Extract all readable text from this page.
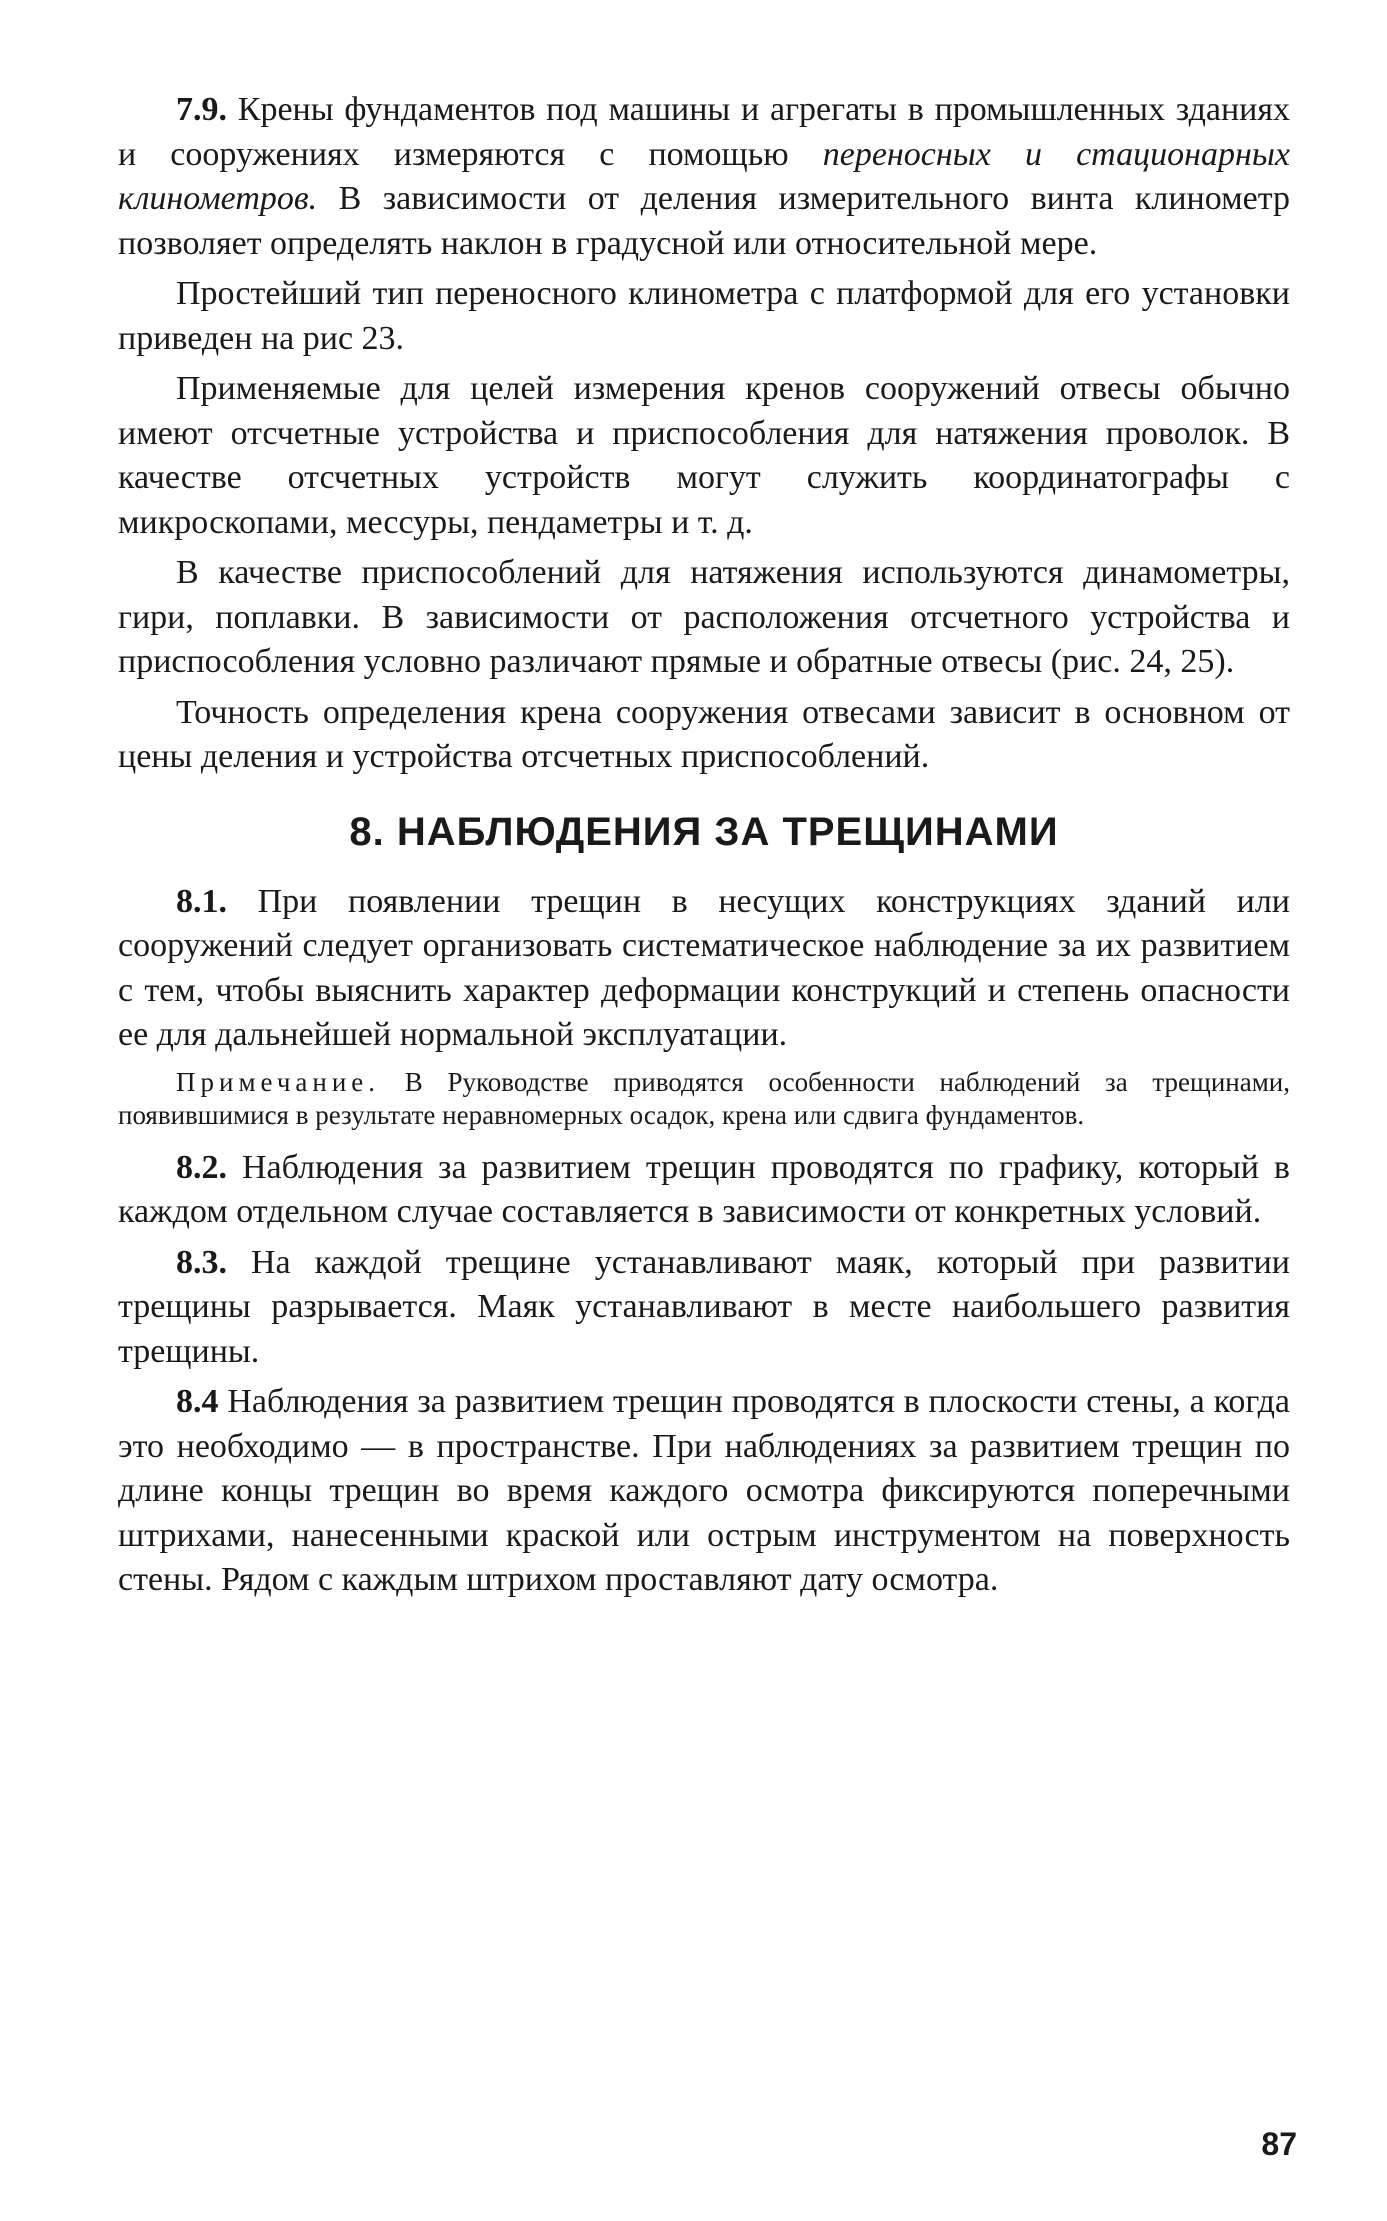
7.9. Крены фундаментов под машины и агрегаты в промышленных зданиях и сооружениях измеряются с помощью переносных и стационарных клинометров. В зависимости от деления измерительного винта клинометр позволяет определять наклон в градусной или относительной мере.

Простейший тип переносного клинометра с платформой для его установки приведен на рис 23.

Применяемые для целей измерения кренов сооружений отвесы обычно имеют отсчетные устройства и приспособления для натяжения проволок. В качестве отсчетных устройств могут служить координатографы с микроскопами, мессуры, пендаметры и т. д.

В качестве приспособлений для натяжения используются динамометры, гири, поплавки. В зависимости от расположения отсчетного устройства и приспособления условно различают прямые и обратные отвесы (рис. 24, 25).

Точность определения крена сооружения отвесами зависит в основном от цены деления и устройства отсчетных приспособлений.

8. НАБЛЮДЕНИЯ ЗА ТРЕЩИНАМИ

8.1. При появлении трещин в несущих конструкциях зданий или сооружений следует организовать систематическое наблюдение за их развитием с тем, чтобы выяснить характер деформации конструкций и степень опасности ее для дальнейшей нормальной эксплуатации.

Примечание. В Руководстве приводятся особенности наблюдений за трещинами, появившимися в результате неравномерных осадок, крена или сдвига фундаментов.

8.2. Наблюдения за развитием трещин проводятся по графику, который в каждом отдельном случае составляется в зависимости от конкретных условий.

8.3. На каждой трещине устанавливают маяк, который при развитии трещины разрывается. Маяк устанавливают в месте наибольшего развития трещины.

8.4 Наблюдения за развитием трещин проводятся в плоскости стены, а когда это необходимо — в пространстве. При наблюдениях за развитием трещин по длине концы трещин во время каждого осмотра фиксируются поперечными штрихами, нанесенными краской или острым инструментом на поверхность стены. Рядом с каждым штрихом проставляют дату осмотра.

87
